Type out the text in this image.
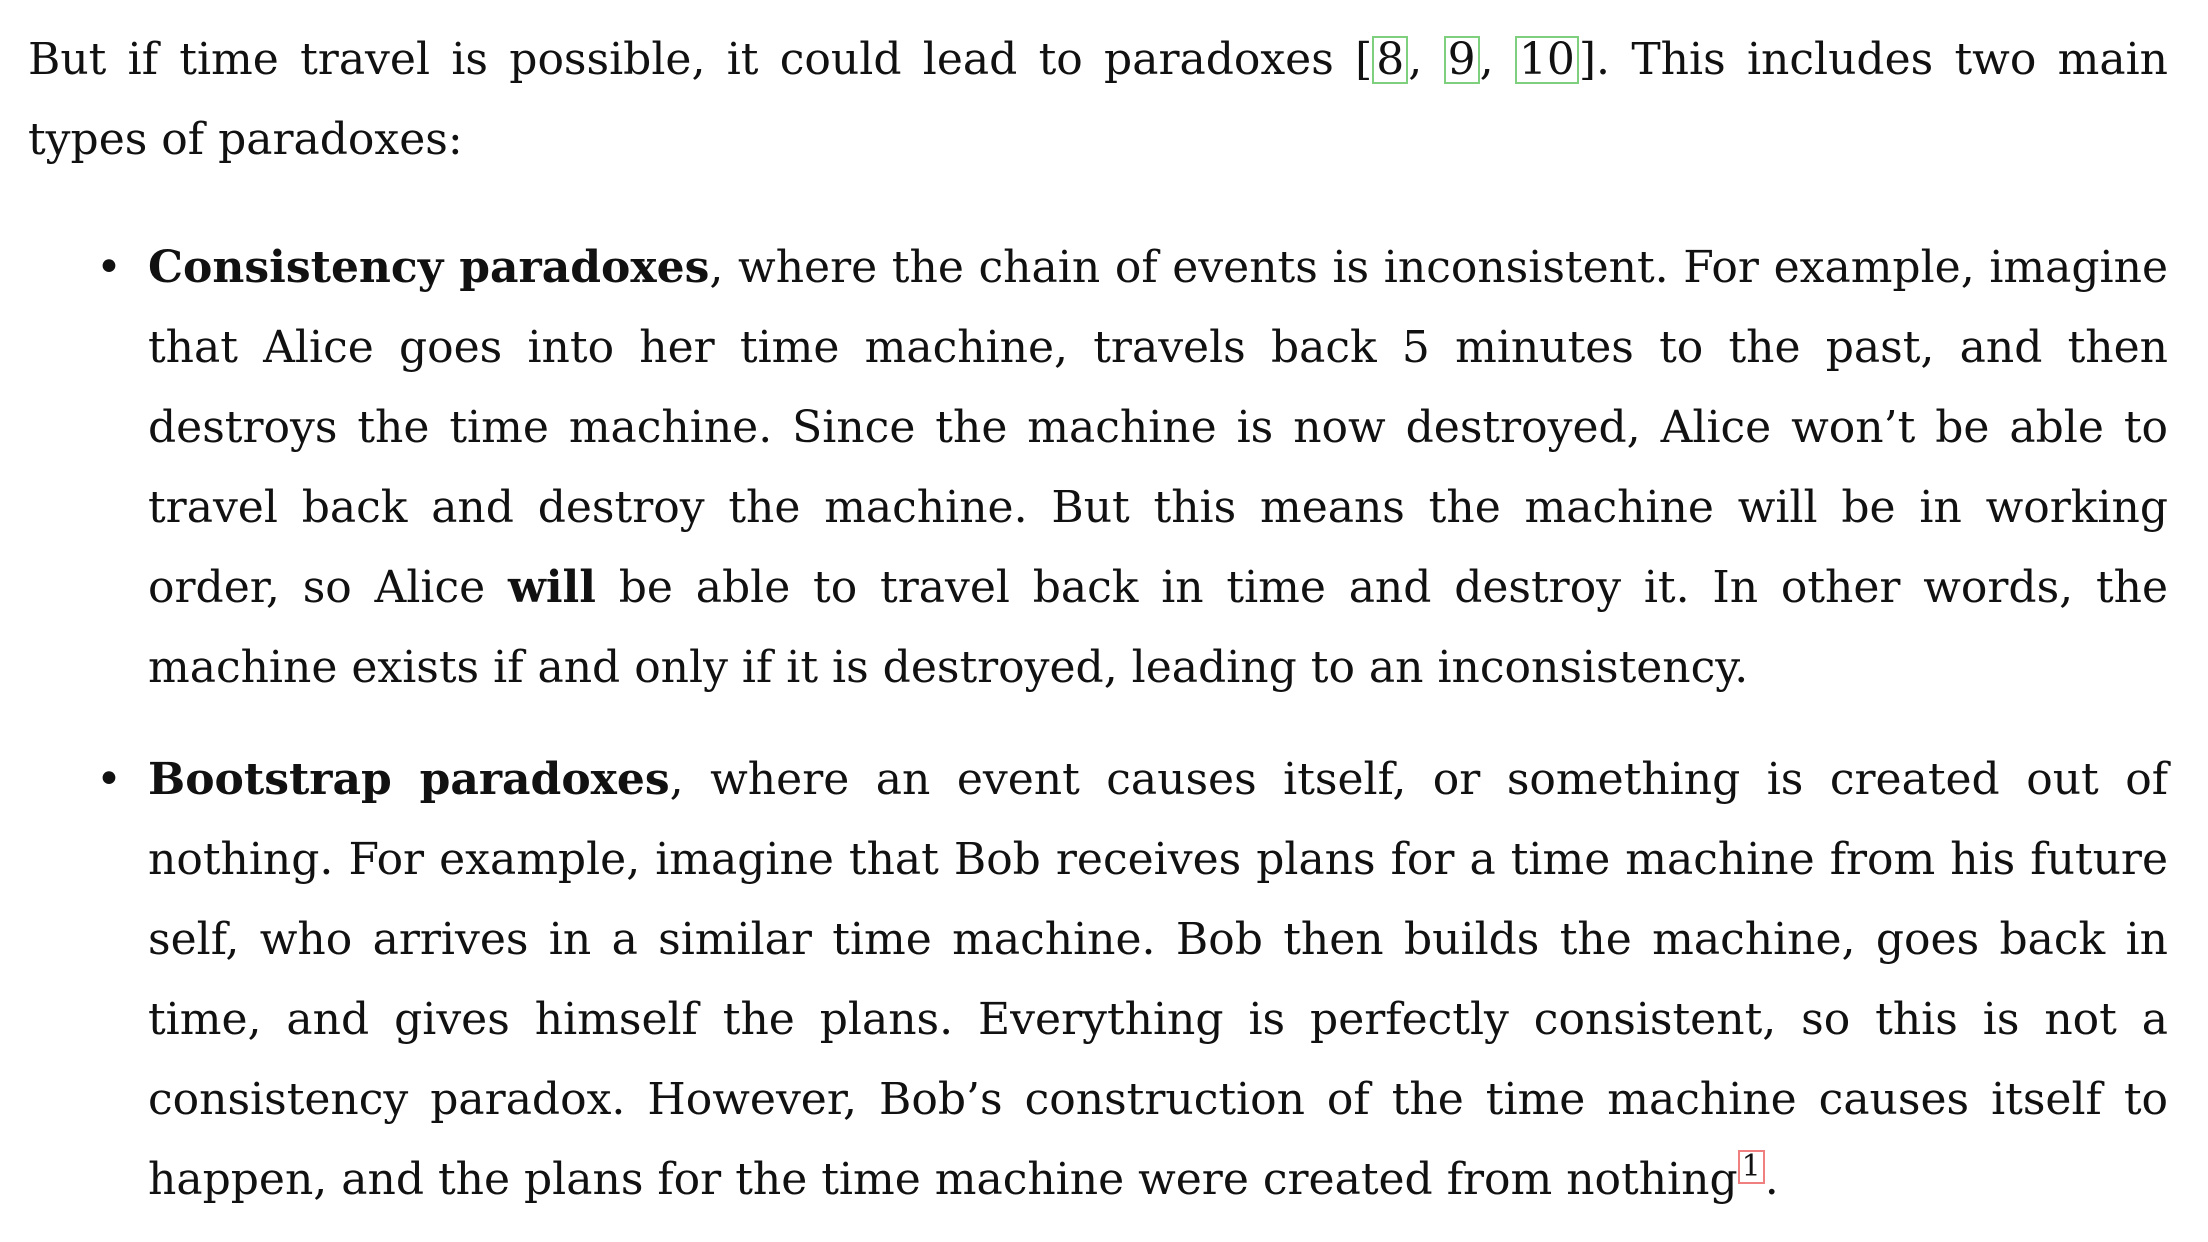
But if time travel is possible, it could lead to paradoxes [8, 9, 10]. This includes two main types of paradoxes:

• Consistency paradoxes, where the chain of events is inconsistent. For example, imagine that Alice goes into her time machine, travels back 5 minutes to the past, and then destroys the time machine. Since the machine is now destroyed, Alice won’t be able to travel back and destroy the machine. But this means the machine will be in working order, so Alice will be able to travel back in time and destroy it. In other words, the machine exists if and only if it is destroyed, leading to an inconsistency.
• Bootstrap paradoxes, where an event causes itself, or something is created out of nothing. For example, imagine that Bob receives plans for a time machine from his future self, who arrives in a similar time machine. Bob then builds the machine, goes back in time, and gives himself the plans. Everything is perfectly consistent, so this is not a consistency paradox. However, Bob’s construction of the time machine causes itself to happen, and the plans for the time machine were created from nothing 1.
